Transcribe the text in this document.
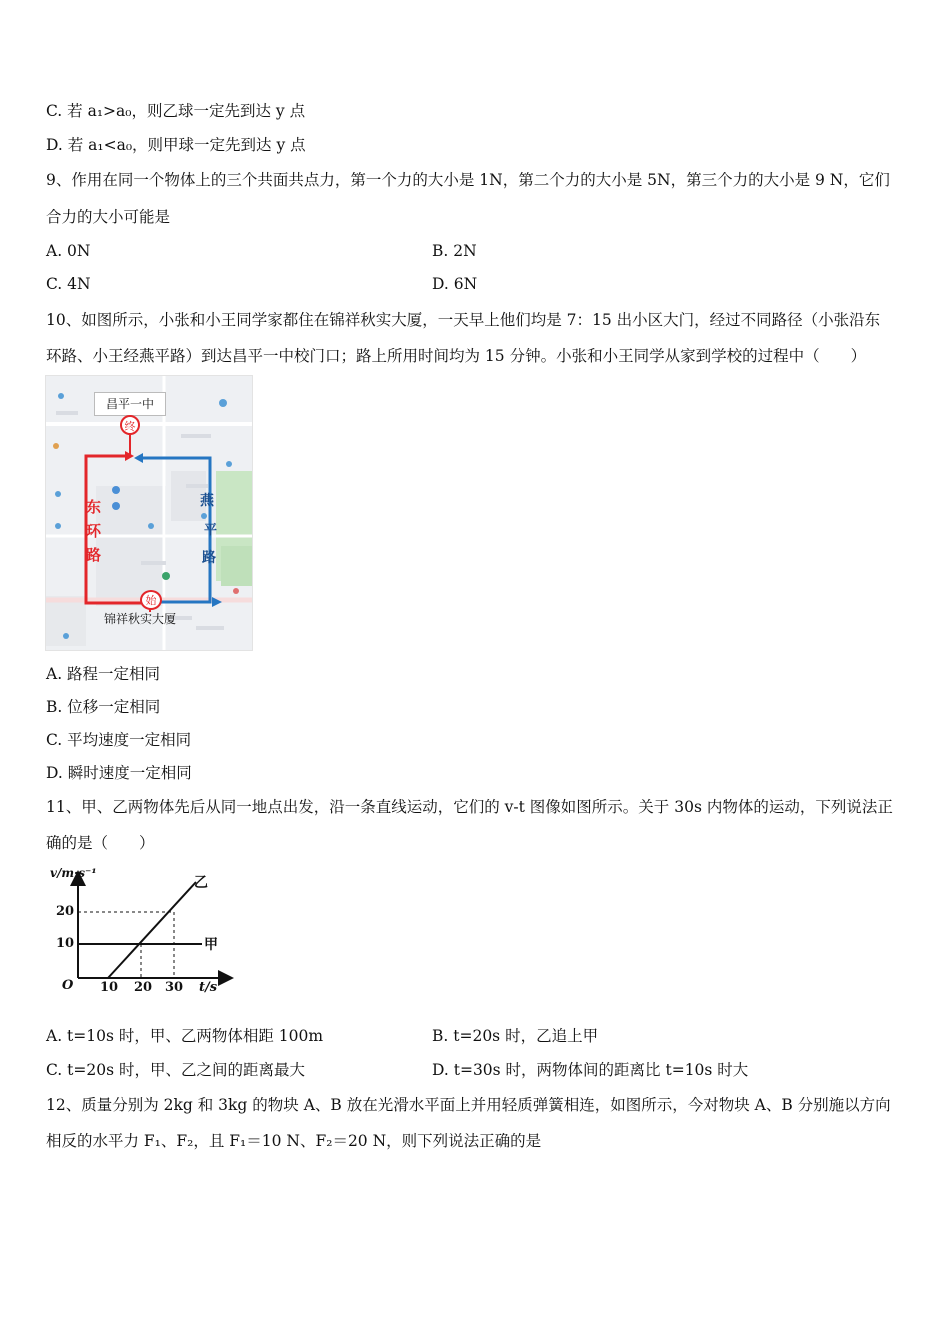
C. 若 a₁>a₀，则乙球一定先到达 y 点
D. 若 a₁<a₀，则甲球一定先到达 y 点
9、作用在同一个物体上的三个共面共点力，第一个力的大小是 1N，第二个力的大小是 5N，第三个力的大小是 9 N，它们
合力的大小可能是
A. 0N	B. 2N
C. 4N	D. 6N
10、如图所示，小张和小王同学家都住在锦祥秋实大厦，一天早上他们均是 7：15 出小区大门，经过不同路径（小张沿东
环路、小王经燕平路）到达昌平一中校门口；路上所用时间均为 15 分钟。小张和小王同学从家到学校的过程中（　　）
昌平一中
终
始
锦祥秋实大厦
东
环
路
燕
平
路
A. 路程一定相同
B. 位移一定相同
C. 平均速度一定相同
D. 瞬时速度一定相同
11、甲、乙两物体先后从同一地点出发，沿一条直线运动，它们的 v-t 图像如图所示。关于 30s 内物体的运动，下列说法正
确的是（　　）
v/m·s⁻¹
乙
甲
20
10
O 10 20 30 t/s
A. t=10s 时，甲、乙两物体相距 100m	B. t=20s 时，乙追上甲
C. t=20s 时，甲、乙之间的距离最大	D. t=30s 时，两物体间的距离比 t=10s 时大
12、质量分别为 2kg 和 3kg 的物块 A、B 放在光滑水平面上并用轻质弹簧相连，如图所示，今对物块 A、B 分别施以方向
相反的水平力 F₁、F₂，且 F₁＝10 N、F₂＝20 N，则下列说法正确的是
